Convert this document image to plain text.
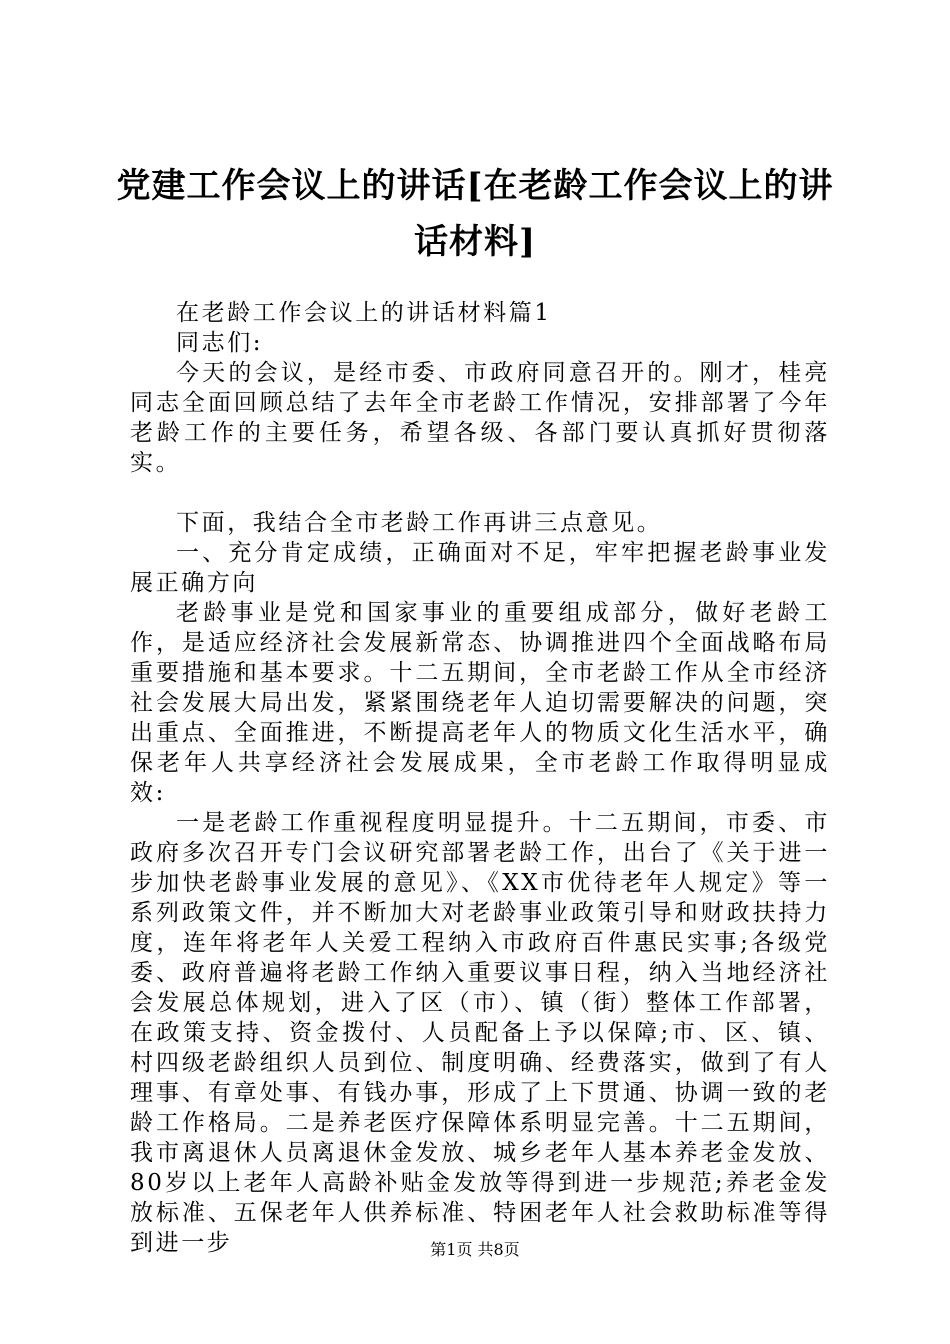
党建工作会议上的讲话[在老龄工作会议上的讲话材料]

在老龄工作会议上的讲话材料篇1

同志们:

今天的会议，是经市委、市政府同意召开的。刚才，桂亮同志全面回顾总结了去年全市老龄工作情况，安排部署了今年老龄工作的主要任务，希望各级、各部门要认真抓好贯彻落实。

下面，我结合全市老龄工作再讲三点意见。

一、充分肯定成绩，正确面对不足，牢牢把握老龄事业发展正确方向

老龄事业是党和国家事业的重要组成部分，做好老龄工作，是适应经济社会发展新常态、协调推进四个全面战略布局重要措施和基本要求。十二五期间，全市老龄工作从全市经济社会发展大局出发，紧紧围绕老年人迫切需要解决的问题，突出重点、全面推进，不断提高老年人的物质文化生活水平，确保老年人共享经济社会发展成果，全市老龄工作取得明显成效:

一是老龄工作重视程度明显提升。十二五期间，市委、市政府多次召开专门会议研究部署老龄工作，出台了《关于进一步加快老龄事业发展的意见》、《XX市优待老年人规定》等一系列政策文件，并不断加大对老龄事业政策引导和财政扶持力度，连年将老年人关爱工程纳入市政府百件惠民实事;各级党委、政府普遍将老龄工作纳入重要议事日程，纳入当地经济社会发展总体规划，进入了区（市）、镇（街）整体工作部署，在政策支持、资金拨付、人员配备上予以保障;市、区、镇、村四级老龄组织人员到位、制度明确、经费落实，做到了有人理事、有章处事、有钱办事，形成了上下贯通、协调一致的老龄工作格局。二是养老医疗保障体系明显完善。十二五期间，我市离退休人员离退休金发放、城乡老年人基本养老金发放、80岁以上老年人高龄补贴金发放等得到进一步规范;养老金发放标准、五保老年人供养标准、特困老年人社会救助标准等得到进一步	第1页 共8页
